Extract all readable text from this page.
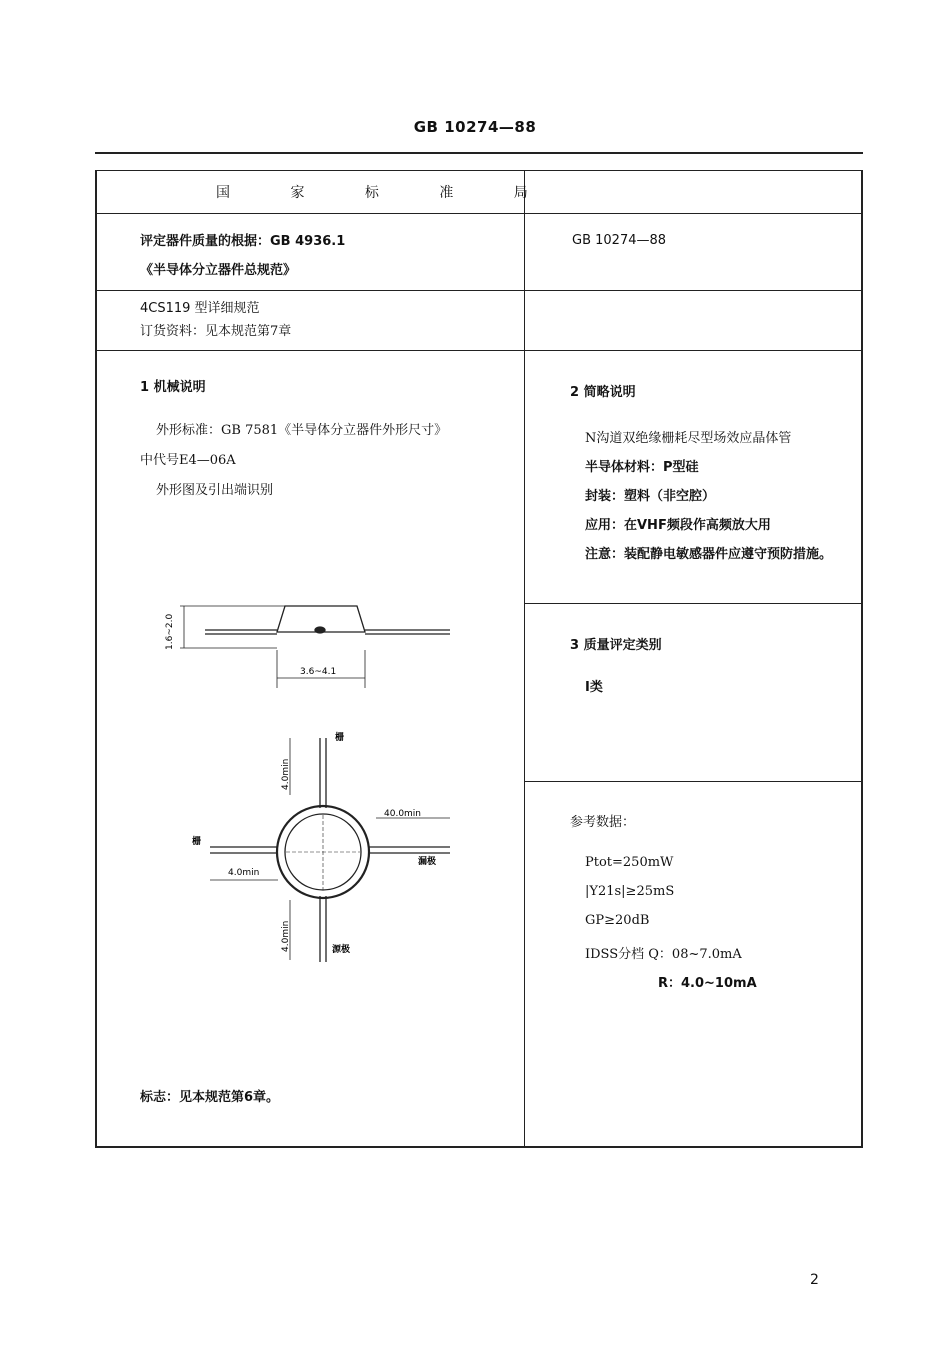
GB 10274—88
国 家 标 准 局
评定器件质量的根据：GB 4936.1
《半导体分立器件总规范》
GB 10274—88
4CS119 型详细规范
订货资料：见本规范第7章
1 机械说明
外形标准：GB 7581《半导体分立器件外形尺寸》
中代号E4—06A
外形图及引出端识别
标志：见本规范第6章。
1.6~2.0
3.6~4.1
栅
4.0min
40.0min
栅
漏极
4.0min
4.0min	源极
2 简略说明
N沟道双绝缘栅耗尽型场效应晶体管
半导体材料：P型硅
封装：塑料（非空腔）
应用：在VHF频段作高频放大用
注意：装配静电敏感器件应遵守预防措施。
3 质量评定类别
Ⅰ类
参考数据：
Ptot=250mW
|Y21s|≥25mS
GP≥20dB
IDSS分档 Q：08~7.0mA
R：4.0~10mA
2
